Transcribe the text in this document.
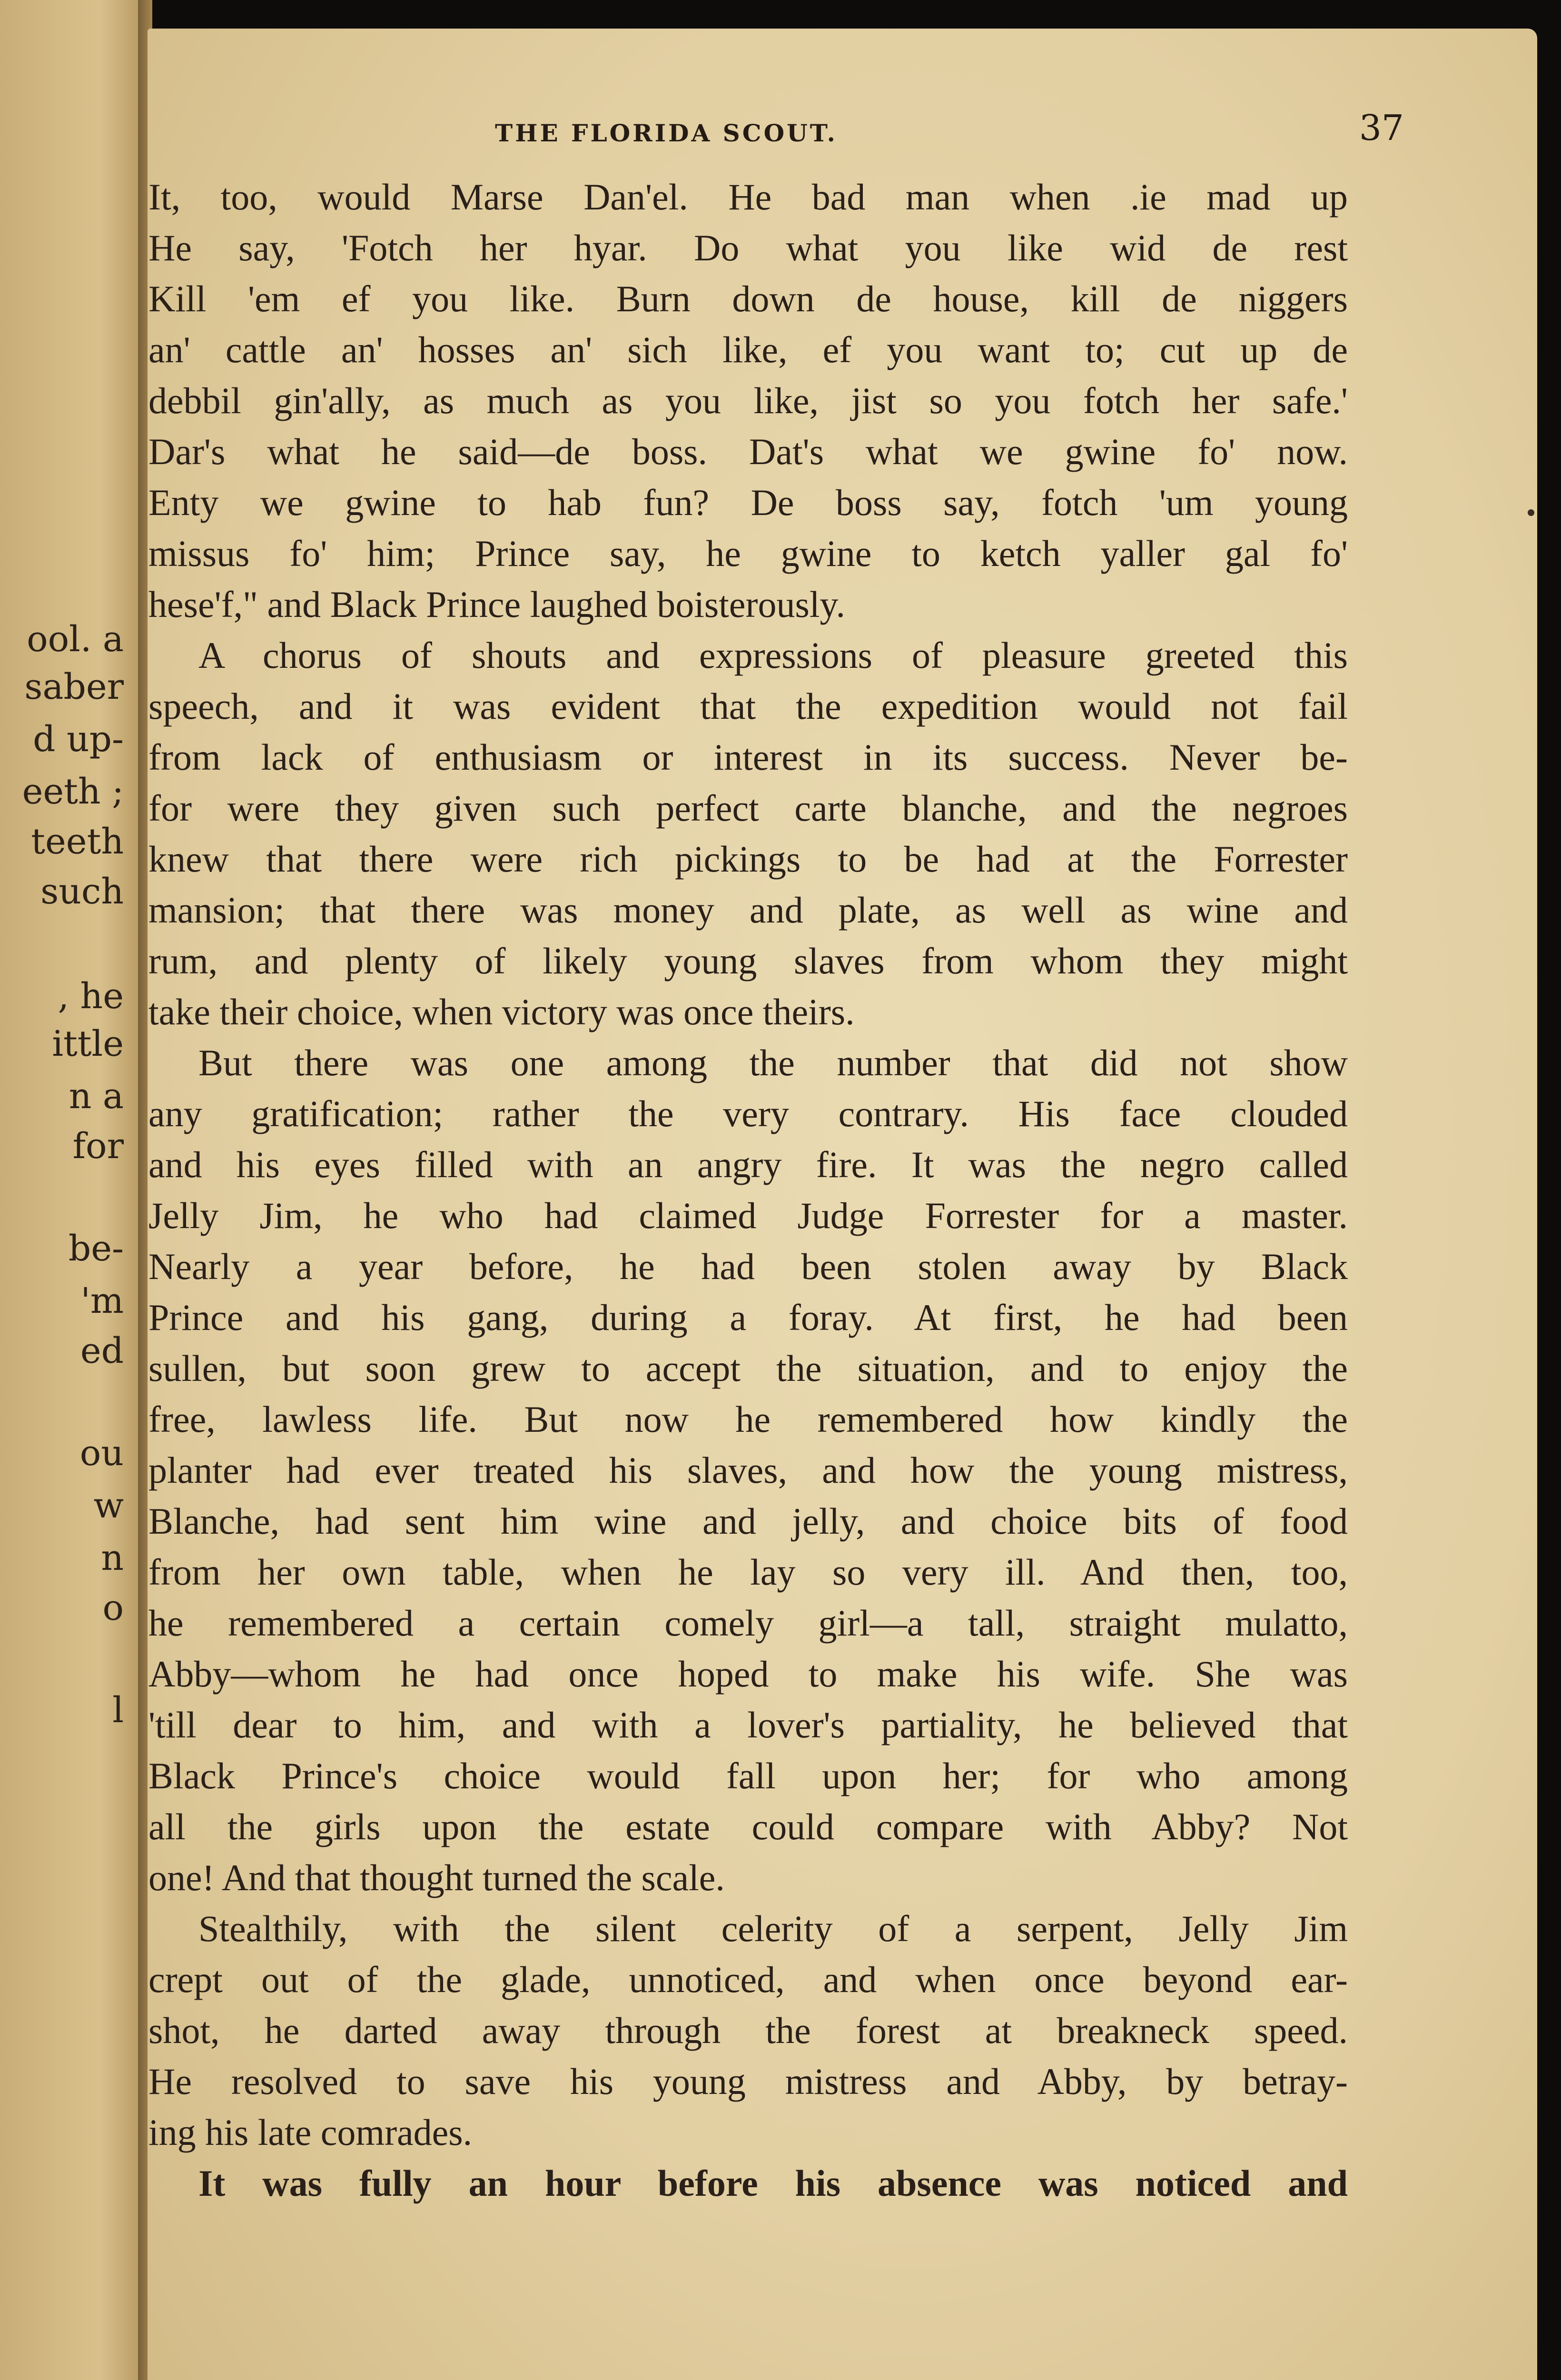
ool. a
saber
d up-
eeth ;
teeth
such
, he
ittle
n a
for
be-
'm
ed
ou
w
n
o
l
THE FLORIDA SCOUT.	37
It, too, would Marse Dan'el. He bad man when .ie mad up
He say, 'Fotch her hyar. Do what you like wid de rest
Kill 'em ef you like. Burn down de house, kill de niggers
an' cattle an' hosses an' sich like, ef you want to; cut up de
debbil gin'ally, as much as you like, jist so you fotch her safe.'
Dar's what he said—de boss. Dat's what we gwine fo' now.
Enty we gwine to hab fun? De boss say, fotch 'um young
missus fo' him; Prince say, he gwine to ketch yaller gal fo'
hese'f," and Black Prince laughed boisterously.
A chorus of shouts and expressions of pleasure greeted this
speech, and it was evident that the expedition would not fail
from lack of enthusiasm or interest in its success. Never be-
for were they given such perfect carte blanche, and the negroes
knew that there were rich pickings to be had at the Forrester
mansion; that there was money and plate, as well as wine and
rum, and plenty of likely young slaves from whom they might
take their choice, when victory was once theirs.
But there was one among the number that did not show
any gratification; rather the very contrary. His face clouded
and his eyes filled with an angry fire. It was the negro called
Jelly Jim, he who had claimed Judge Forrester for a master.
Nearly a year before, he had been stolen away by Black
Prince and his gang, during a foray. At first, he had been
sullen, but soon grew to accept the situation, and to enjoy the
free, lawless life. But now he remembered how kindly the
planter had ever treated his slaves, and how the young mistress,
Blanche, had sent him wine and jelly, and choice bits of food
from her own table, when he lay so very ill. And then, too,
he remembered a certain comely girl—a tall, straight mulatto,
Abby—whom he had once hoped to make his wife. She was
'till dear to him, and with a lover's partiality, he believed that
Black Prince's choice would fall upon her; for who among
all the girls upon the estate could compare with Abby? Not
one! And that thought turned the scale.
Stealthily, with the silent celerity of a serpent, Jelly Jim
crept out of the glade, unnoticed, and when once beyond ear-
shot, he darted away through the forest at breakneck speed.
He resolved to save his young mistress and Abby, by betray-
ing his late comrades.
It was fully an hour before his absence was noticed and
